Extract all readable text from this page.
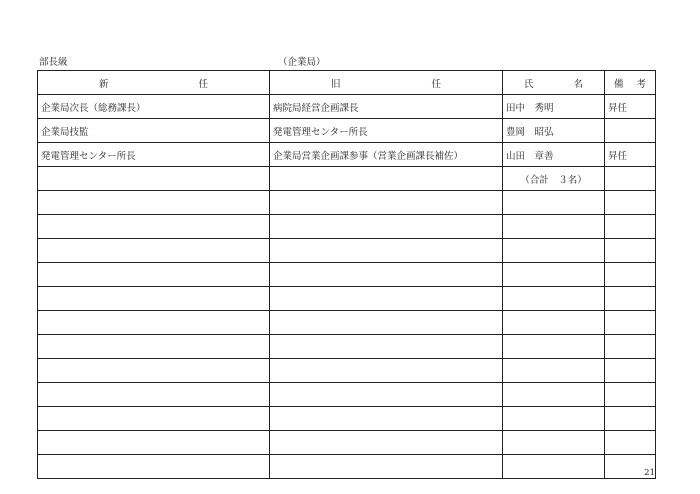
部長級	（企業局）
新 任	旧 任	氏 名	備 考

企業局次長（総務課長）	病院局経営企画課長	田中　秀明	昇任
企業局技監	発電管理センター所長	豊岡　昭弘	
発電管理センター所長	企業局営業企画課参事（営業企画課長補佐）	山田　章善	昇任
		（合計　３名）	

21
